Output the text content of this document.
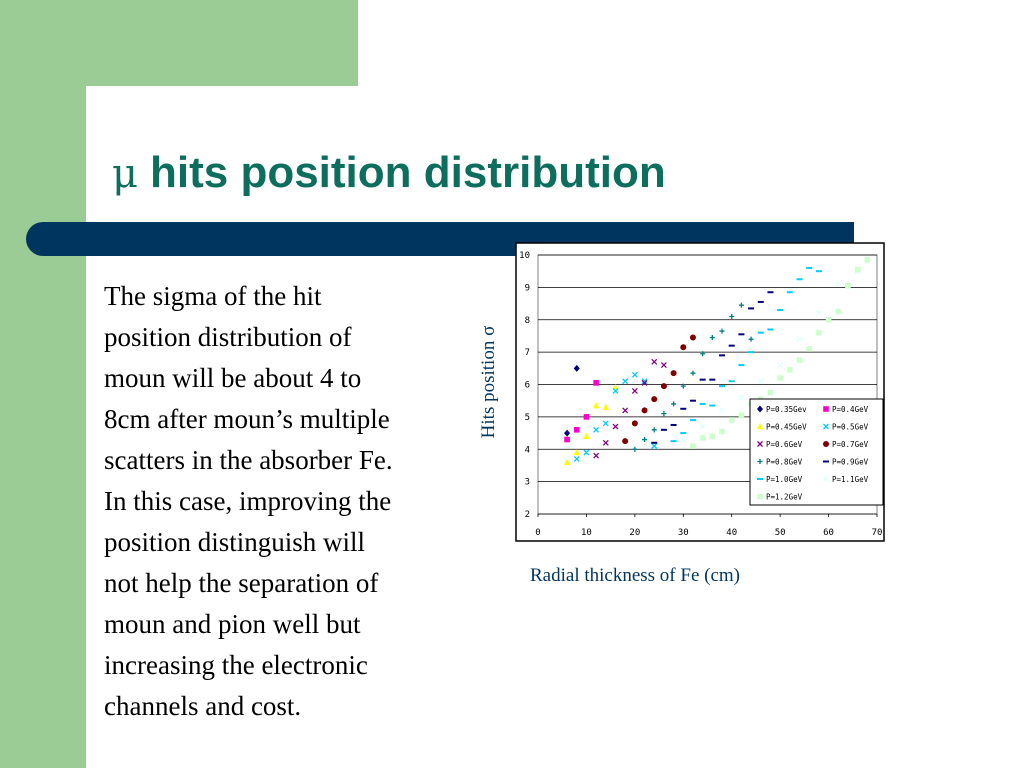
μ hits position distribution
The sigma of the hit
position distribution of
moun will be about 4 to
8cm after moun’s multiple
scatters in the absorber Fe.
In this case, improving the
position distinguish will
not help the separation of
moun and pion well but
increasing the electronic
channels and cost.
2
3
4
5
6
7
8
9
10
0	10	20	30	40	50	60	70
Hits position σ	P=0.35Gev	P=0.4GeV
P=0.45GeV	P=0.5GeV
P=0.6GeV	P=0.7GeV
P=0.8GeV	P=0.9GeV
P=1.0GeV	P=1.1GeV
P=1.2GeV
Radial thickness of Fe (cm)
